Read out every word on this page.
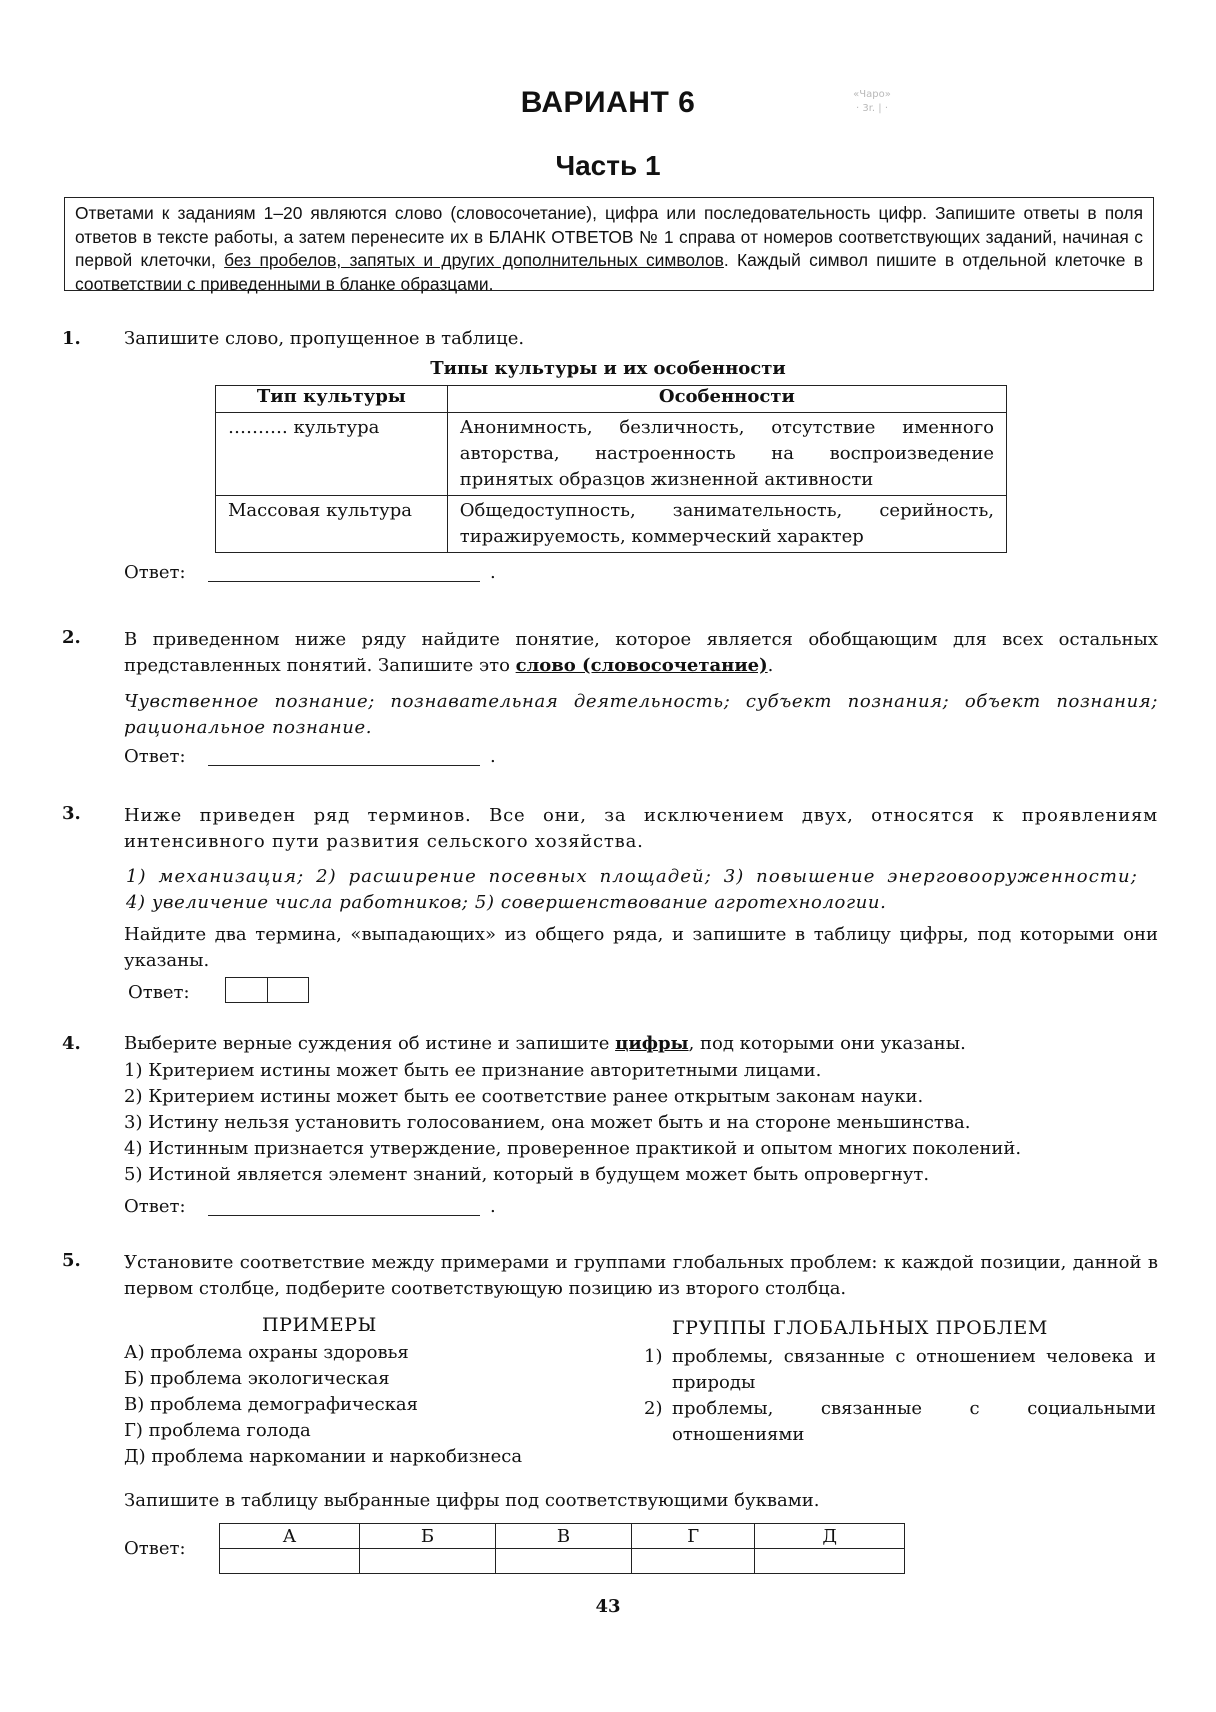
«Чаро»
· 3r. | ·
ВАРИАНТ 6
Часть 1
Ответами к заданиям 1–20 являются слово (словосочетание), цифра или последовательность цифр. Запишите ответы в поля ответов в тексте работы, а затем перенесите их в БЛАНК ОТВЕТОВ № 1 справа от номеров соответствующих заданий, начиная с первой клеточки, без пробелов, запятых и других дополнительных символов. Каждый символ пишите в отдельной клеточке в соответствии с приведенными в бланке образцами.
1. Запишите слово, пропущенное в таблице.
Типы культуры и их особенности
Тип культуры	Особенности
………. культура	Анонимность, безличность, отсутствие именного авторства, настроенность на воспроизведение принятых образцов жизненной активности
Массовая культура	Общедоступность, занимательность, серийность, тиражируемость, коммерческий характер
Ответ:	.
2. В приведенном ниже ряду найдите понятие, которое является обобщающим для всех остальных представленных понятий. Запишите это слово (словосочетание).
Чувственное познание; познавательная деятельность; субъект познания; объект познания; рациональное познание.
Ответ:	.
3. Ниже приведен ряд терминов. Все они, за исключением двух, относятся к проявлениям интенсивного пути развития сельского хозяйства.
1) механизация; 2) расширение посевных площадей; 3) повышение энерговооруженности;
4) увеличение числа работников; 5) совершенствование агротехнологии.
Найдите два термина, «выпадающих» из общего ряда, и запишите в таблицу цифры, под которыми они указаны.
Ответ:
4. Выберите верные суждения об истине и запишите цифры, под которыми они указаны.
1) Критерием истины может быть ее признание авторитетными лицами.
2) Критерием истины может быть ее соответствие ранее открытым законам науки.
3) Истину нельзя установить голосованием, она может быть и на стороне меньшинства.
4) Истинным признается утверждение, проверенное практикой и опытом многих поколений.
5) Истиной является элемент знаний, который в будущем может быть опровергнут.
Ответ:	.
5. Установите соответствие между примерами и группами глобальных проблем: к каждой позиции, данной в первом столбце, подберите соответствующую позицию из второго столбца.
ПРИМЕРЫ	ГРУППЫ ГЛОБАЛЬНЫХ ПРОБЛЕМ
А) проблема охраны здоровья
Б) проблема экологическая
В) проблема демографическая
Г) проблема голода
Д) проблема наркомании и наркобизнеса
1) проблемы, связанные с отношением человека и природы
2) проблемы, связанные с социальными отношениями
Запишите в таблицу выбранные цифры под соответствующими буквами.
Ответ:
А	Б	В	Г	Д

43
